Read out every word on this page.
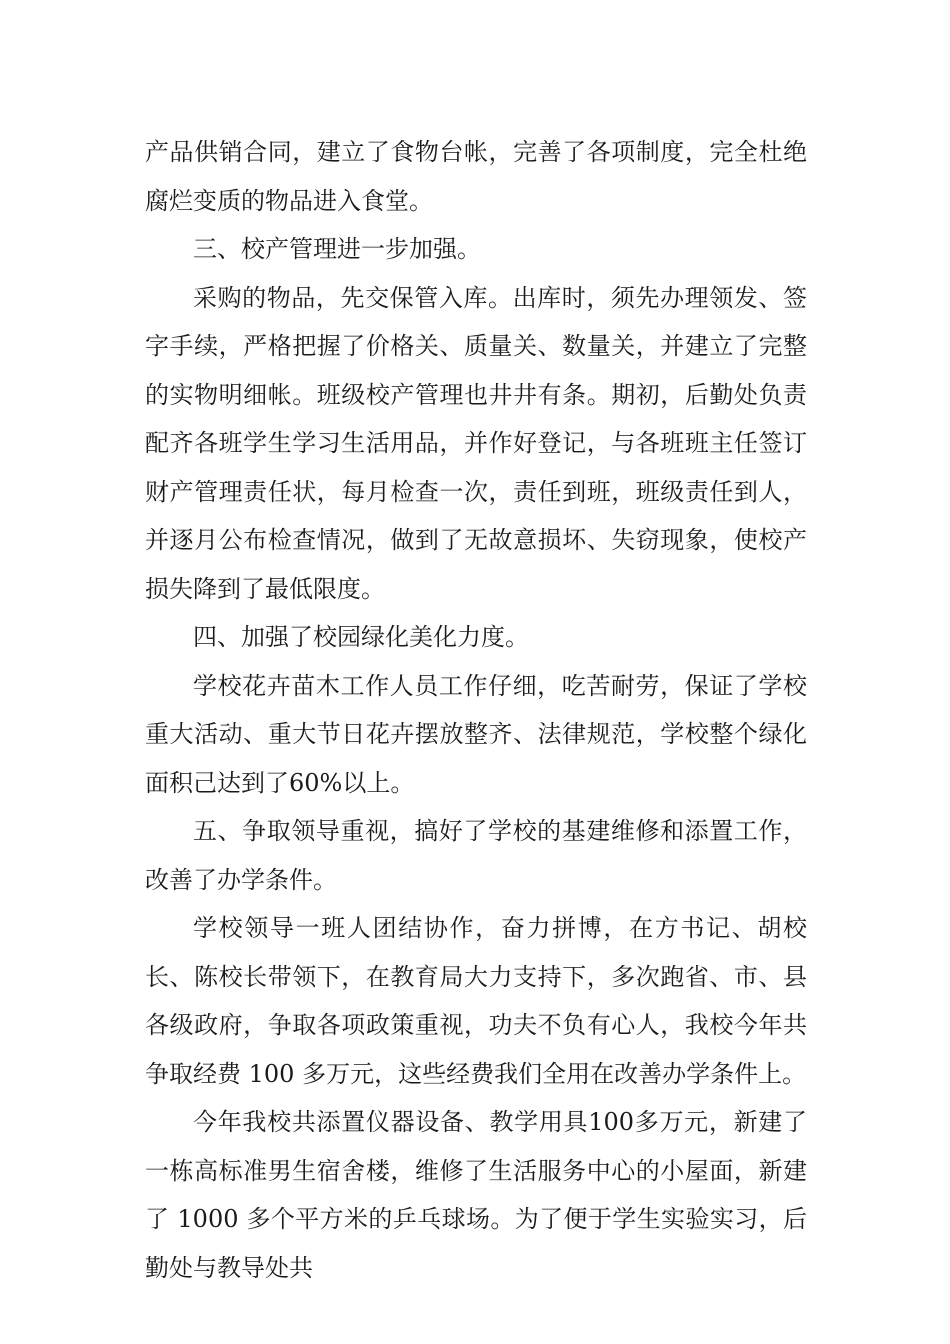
产品供销合同，建立了食物台帐，完善了各项制度，完全杜绝腐烂变质的物品进入食堂。

三、校产管理进一步加强。

采购的物品，先交保管入库。出库时，须先办理领发、签字手续，严格把握了价格关、质量关、数量关，并建立了完整的实物明细帐。班级校产管理也井井有条。期初，后勤处负责配齐各班学生学习生活用品，并作好登记，与各班班主任签订财产管理责任状，每月检查一次，责任到班，班级责任到人，并逐月公布检查情况，做到了无故意损坏、失窃现象，使校产损失降到了最低限度。

四、加强了校园绿化美化力度。

学校花卉苗木工作人员工作仔细，吃苦耐劳，保证了学校重大活动、重大节日花卉摆放整齐、法律规范，学校整个绿化面积己达到了60%以上。

五、争取领导重视，搞好了学校的基建维修和添置工作，改善了办学条件。

学校领导一班人团结协作，奋力拼博，在方书记、胡校长、陈校长带领下，在教育局大力支持下，多次跑省、市、县各级政府，争取各项政策重视，功夫不负有心人，我校今年共争取经费 100 多万元，这些经费我们全用在改善办学条件上。

今年我校共添置仪器设备、教学用具100多万元，新建了一栋高标准男生宿舍楼，维修了生活服务中心的小屋面，新建了 1000 多个平方米的乒乓球场。为了便于学生实验实习，后勤处与教导处共
